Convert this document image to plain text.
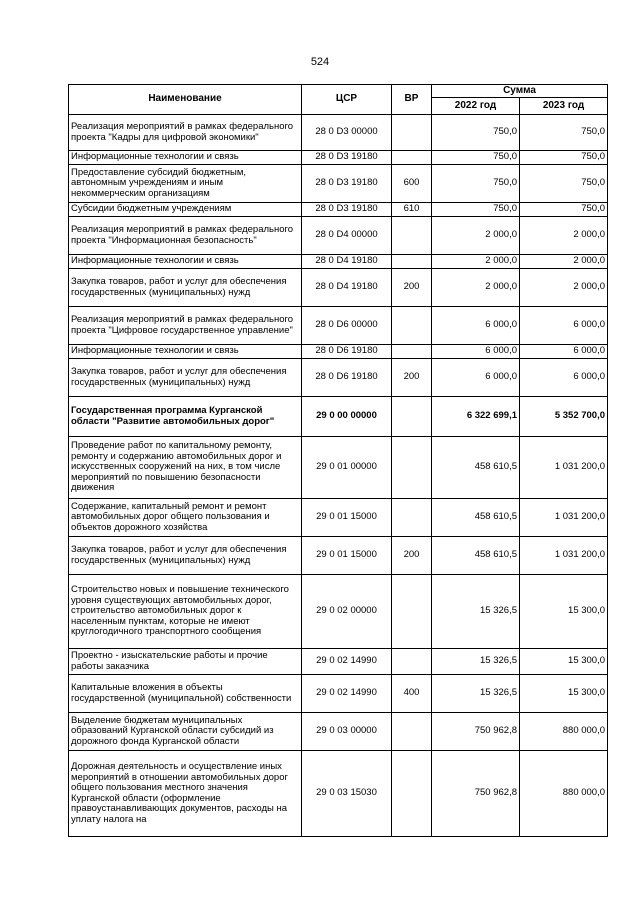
524
Наименование	ЦСР	ВР	Сумма	
			2022 год	2023 год
Реализация мероприятий в рамках федерального проекта "Кадры для цифровой экономики"	28 0 D3 00000		750,0	750,0
Информационные технологии и связь	28 0 D3 19180		750,0	750,0
Предоставление субсидий бюджетным, автономным учреждениям и иным некоммерческим организациям	28 0 D3 19180	600	750,0	750,0
Субсидии бюджетным учреждениям	28 0 D3 19180	610	750,0	750,0
Реализация мероприятий в рамках федерального проекта "Информационная безопасность"	28 0 D4 00000		2 000,0	2 000,0
Информационные технологии и связь	28 0 D4 19180		2 000,0	2 000,0
Закупка товаров, работ и услуг для обеспечения государственных (муниципальных) нужд	28 0 D4 19180	200	2 000,0	2 000,0
Реализация мероприятий в рамках федерального проекта "Цифровое государственное управление"	28 0 D6 00000		6 000,0	6 000,0
Информационные технологии и связь	28 0 D6 19180		6 000,0	6 000,0
Закупка товаров, работ и услуг для обеспечения государственных (муниципальных) нужд	28 0 D6 19180	200	6 000,0	6 000,0
Государственная программа Курганской области "Развитие автомобильных дорог"	29 0 00 00000		6 322 699,1	5 352 700,0
Проведение работ по капитальному ремонту, ремонту и содержанию автомобильных дорог и искусственных сооружений на них, в том числе мероприятий по повышению безопасности движения	29 0 01 00000		458 610,5	1 031 200,0
Содержание, капитальный ремонт и ремонт автомобильных дорог общего пользования и объектов дорожного хозяйства	29 0 01 15000		458 610,5	1 031 200,0
Закупка товаров, работ и услуг для обеспечения государственных (муниципальных) нужд	29 0 01 15000	200	458 610,5	1 031 200,0
Строительство новых и повышение технического уровня существующих автомобильных дорог, строительство автомобильных дорог к населенным пунктам, которые не имеют круглогодичного транспортного сообщения	29 0 02 00000		15 326,5	15 300,0
Проектно - изыскательские работы и прочие работы заказчика	29 0 02 14990		15 326,5	15 300,0
Капитальные вложения в объекты государственной (муниципальной) собственности	29 0 02 14990	400	15 326,5	15 300,0
Выделение бюджетам муниципальных образований Курганской области субсидий из дорожного фонда Курганской области	29 0 03 00000		750 962,8	880 000,0
Дорожная деятельность и осуществление иных мероприятий в отношении автомобильных дорог общего пользования местного значения Курганской области (оформление правоустанавливающих документов, расходы на уплату налога на	29 0 03 15030		750 962,8	880 000,0
